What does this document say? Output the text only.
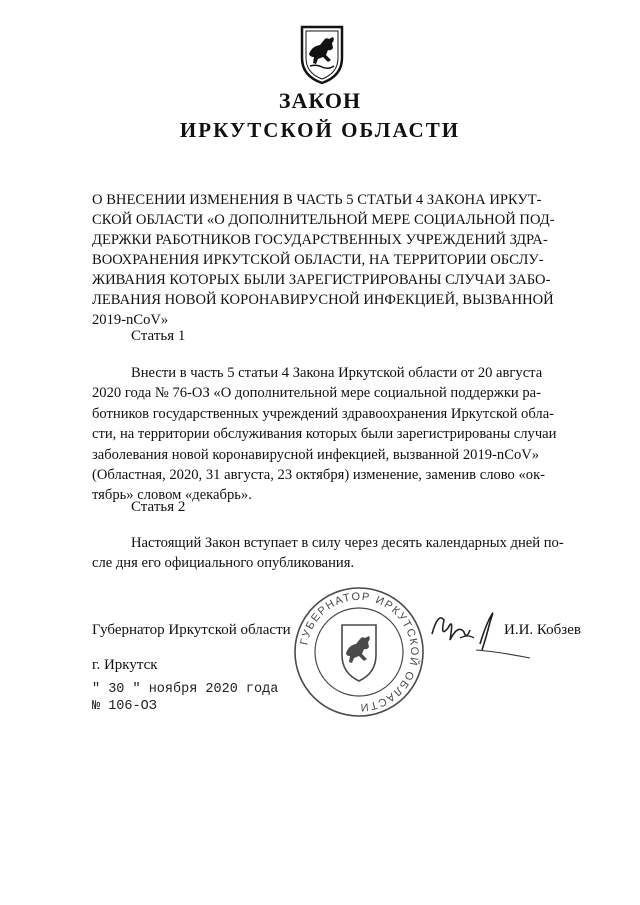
ЗАКОН
ИРКУТСКОЙ ОБЛАСТИ
О ВНЕСЕНИИ ИЗМЕНЕНИЯ В ЧАСТЬ 5 СТАТЬИ 4 ЗАКОНА ИРКУТ-
СКОЙ ОБЛАСТИ «О ДОПОЛНИТЕЛЬНОЙ МЕРЕ СОЦИАЛЬНОЙ ПОД-
ДЕРЖКИ РАБОТНИКОВ ГОСУДАРСТВЕННЫХ УЧРЕЖДЕНИЙ ЗДРА-
ВООХРАНЕНИЯ ИРКУТСКОЙ ОБЛАСТИ, НА ТЕРРИТОРИИ ОБСЛУ-
ЖИВАНИЯ КОТОРЫХ БЫЛИ ЗАРЕГИСТРИРОВАНЫ СЛУЧАИ ЗАБО-
ЛЕВАНИЯ НОВОЙ КОРОНАВИРУСНОЙ ИНФЕКЦИЕЙ, ВЫЗВАННОЙ
2019-nCoV»
Статья 1
Внести в часть 5 статьи 4 Закона Иркутской области от 20 августа
2020 года № 76-ОЗ «О дополнительной мере социальной поддержки ра-
ботников государственных учреждений здравоохранения Иркутской обла-
сти, на территории обслуживания которых были зарегистрированы случаи
заболевания новой коронавирусной инфекцией, вызванной 2019-nCoV»
(Областная, 2020, 31 августа, 23 октября) изменение, заменив слово «ок-
тябрь» словом «декабрь».
Статья 2
Настоящий Закон вступает в силу через десять календарных дней по-
сле дня его официального опубликования.
ГУБЕРНАТОР ИРКУТСКОЙ ОБЛАСТИ
Губернатор Иркутской области	И.И. Кобзев
г. Иркутск
" 30 " ноября 2020 года
№ 106-ОЗ
